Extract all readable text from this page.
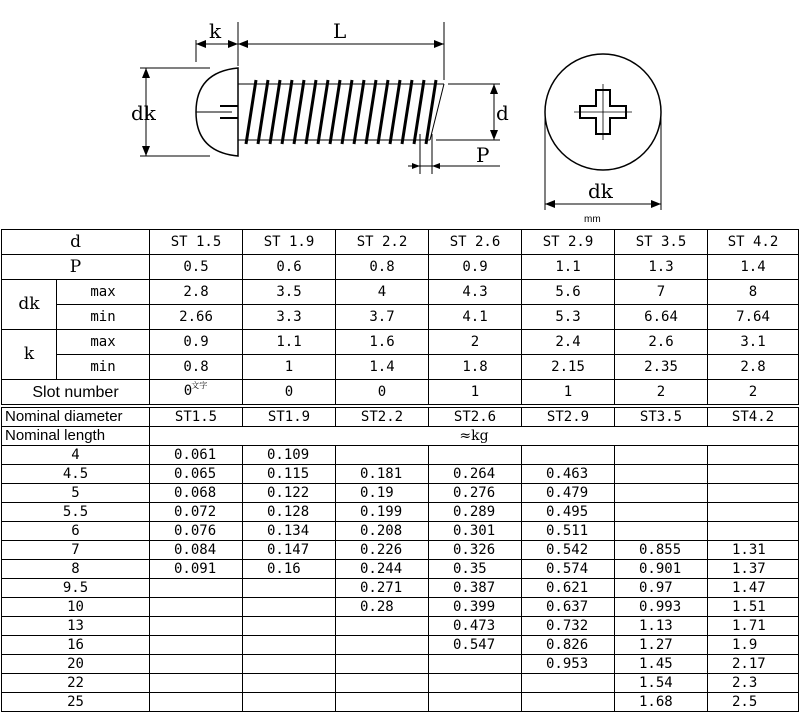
k	L
dk	d
P
dk
mm
d		ST 1.5	ST 1.9	ST 2.2	ST 2.6	ST 2.9	ST 3.5	ST 4.2
P		0.5	0.6	0.8	0.9	1.1	1.3	1.4
dk	max	2.8	3.5	4	4.3	5.6	7	8
	min	2.66	3.3	3.7	4.1	5.3	6.64	7.64
k	max	0.9	1.1	1.6	2	2.4	2.6	3.1
	min	0.8	1	1.4	1.8	2.15	2.35	2.8
Slot number		0$^{文字}$	0	0	1	1	2	2
Nominal diameter	ST1.5	ST1.9	ST2.2	ST2.6	ST2.9	ST3.5	ST4.2
Nominal length	≈kg						
4	0.061	0.109					
4.5	0.065	0.115	0.181	0.264	0.463		
5	0.068	0.122	0.19	0.276	0.479		
5.5	0.072	0.128	0.199	0.289	0.495		
6	0.076	0.134	0.208	0.301	0.511		
7	0.084	0.147	0.226	0.326	0.542	0.855	1.31
8	0.091	0.16	0.244	0.35	0.574	0.901	1.37
9.5			0.271	0.387	0.621	0.97	1.47
10			0.28	0.399	0.637	0.993	1.51
13				0.473	0.732	1.13	1.71
16				0.547	0.826	1.27	1.9
20					0.953	1.45	2.17
22						1.54	2.3
25						1.68	2.5
